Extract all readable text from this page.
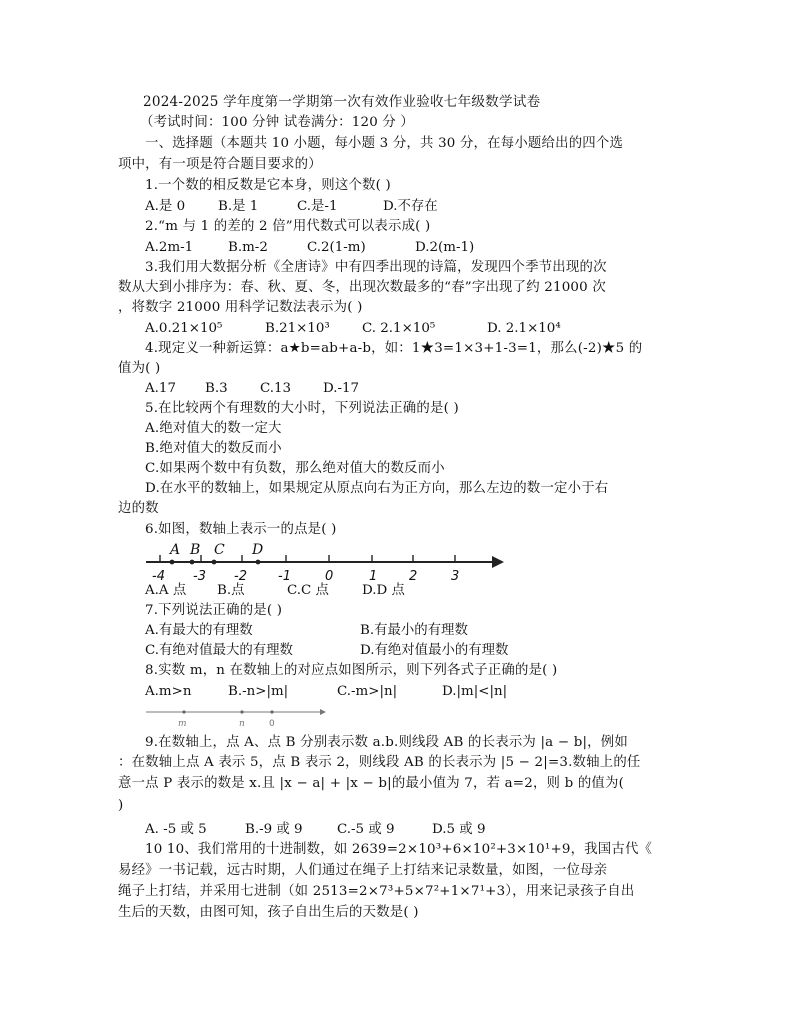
2024-2025 学年度第一学期第一次有效作业验收七年级数学试卷
（考试时间：100 分钟 试卷满分：120 分 ）
一、选择题（本题共 10 小题，每小题 3 分，共 30 分，在每小题给出的四个选
项中，有一项是符合题目要求的）
1.一个数的相反数是它本身，则这个数( )
A.是 0 B.是 1	C.是-1	D.不存在
2.“m 与 1 的差的 2 倍”用代数式可以表示成( )
A.2m-1	B.m-2	C.2(1-m)	D.2(m-1)
3.我们用大数据分析《全唐诗》中有四季出现的诗篇，发现四个季节出现的次
数从大到小排序为：春、秋、夏、冬，出现次数最多的“春”字出现了约 21000 次
，将数字 21000 用科学记数法表示为( )
A.0.21×10⁵	B.21×10³ C. 2.1×10⁵	D. 2.1×10⁴
4.现定义一种新运算：a★b=ab+a-b，如：1★3=1×3+1-3=1，那么(-2)★5 的
值为( )
A.17 B.3 C.13 D.-17
5.在比较两个有理数的大小时，下列说法正确的是( )
A.绝对值大的数一定大
B.绝对值大的数反而小
C.如果两个数中有负数，那么绝对值大的数反而小
D.在水平的数轴上，如果规定从原点向右为正方向，那么左边的数一定小于右
边的数
6.如图，数轴上表示一的点是( )
A B C D
-4 -3 -2 -1	0	1 2	3
A.A 点 B.点	C.C 点 D.D 点
7.下列说法正确的是( )
A.有最大的有理数	B.有最小的有理数
C.有绝对值最大的有理数	D.有绝对值最小的有理数
8.实数 m，n 在数轴上的对应点如图所示，则下列各式子正确的是( )
A.m>n	B.-n>|m|	C.-m>|n|	D.|m|<|n|
m	n	0
9.在数轴上，点 A、点 B 分别表示数 a.b.则线段 AB 的长表示为 |a − b|，例如
：在数轴上点 A 表示 5，点 B 表示 2，则线段 AB 的长表示为 |5 − 2|=3.数轴上的任
意一点 P 表示的数是 x.且 |x − a| + |x − b|的最小值为 7，若 a=2，则 b 的值为(
)
A. -5 或 5	B.-9 或 9	C.-5 或 9	D.5 或 9
10 10、我们常用的十进制数，如 2639=2×10³+6×10²+3×10¹+9，我国古代《
易经》一书记载，远古时期，人们通过在绳子上打结来记录数量，如图，一位母亲
绳子上打结，并采用七进制（如 2513=2×7³+5×7²+1×7¹+3），用来记录孩子自出
生后的天数，由图可知，孩子自出生后的天数是( )
